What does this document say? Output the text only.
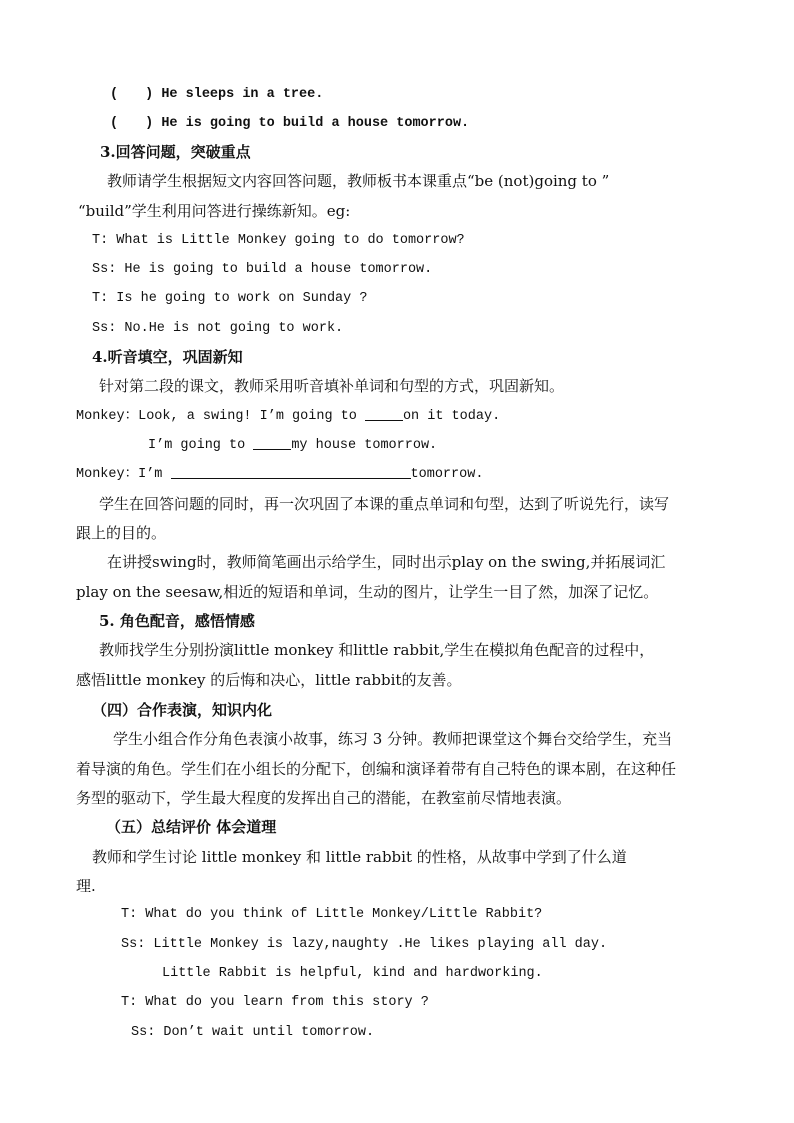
(　　) He sleeps in a tree.
(　　) He is going to build a house tomorrow.
3.回答问题，突破重点
教师请学生根据短文内容回答问题，教师板书本课重点“be (not)going to ”
“build”学生利用问答进行操练新知。eg:
T: What is Little Monkey going to do tomorrow?
Ss: He is going to build a house tomorrow.
T: Is he going to work on Sunday ?
Ss: No.He is not going to work.
4.听音填空，巩固新知
针对第二段的课文，教师采用听音填补单词和句型的方式，巩固新知。
Monkey：Look, a swing! I’m going to	on it today.
I’m going to	my house tomorrow.
Monkey：I’m	tomorrow.
学生在回答问题的同时，再一次巩固了本课的重点单词和句型，达到了听说先行，读写
跟上的目的。
在讲授swing时，教师简笔画出示给学生，同时出示play on the swing,并拓展词汇
play on the seesaw,相近的短语和单词，生动的图片，让学生一目了然，加深了记忆。
5. 角色配音，感悟情感
教师找学生分别扮演little monkey 和little rabbit,学生在模拟角色配音的过程中，
感悟little monkey 的后悔和决心，little rabbit的友善。
（四）合作表演，知识内化
学生小组合作分角色表演小故事，练习 3 分钟。教师把课堂这个舞台交给学生，充当
着导演的角色。学生们在小组长的分配下，创编和演译着带有自己特色的课本剧，在这种任
务型的驱动下，学生最大程度的发挥出自己的潜能，在教室前尽情地表演。
（五）总结评价 体会道理
教师和学生讨论 little monkey 和 little rabbit 的性格，从故事中学到了什么道
理.
T: What do you think of Little Monkey/Little Rabbit?
Ss: Little Monkey is lazy,naughty .He likes playing all day.
Little Rabbit is helpful, kind and hardworking.
T: What do you learn from this story ?
Ss: Don’t wait until tomorrow.
